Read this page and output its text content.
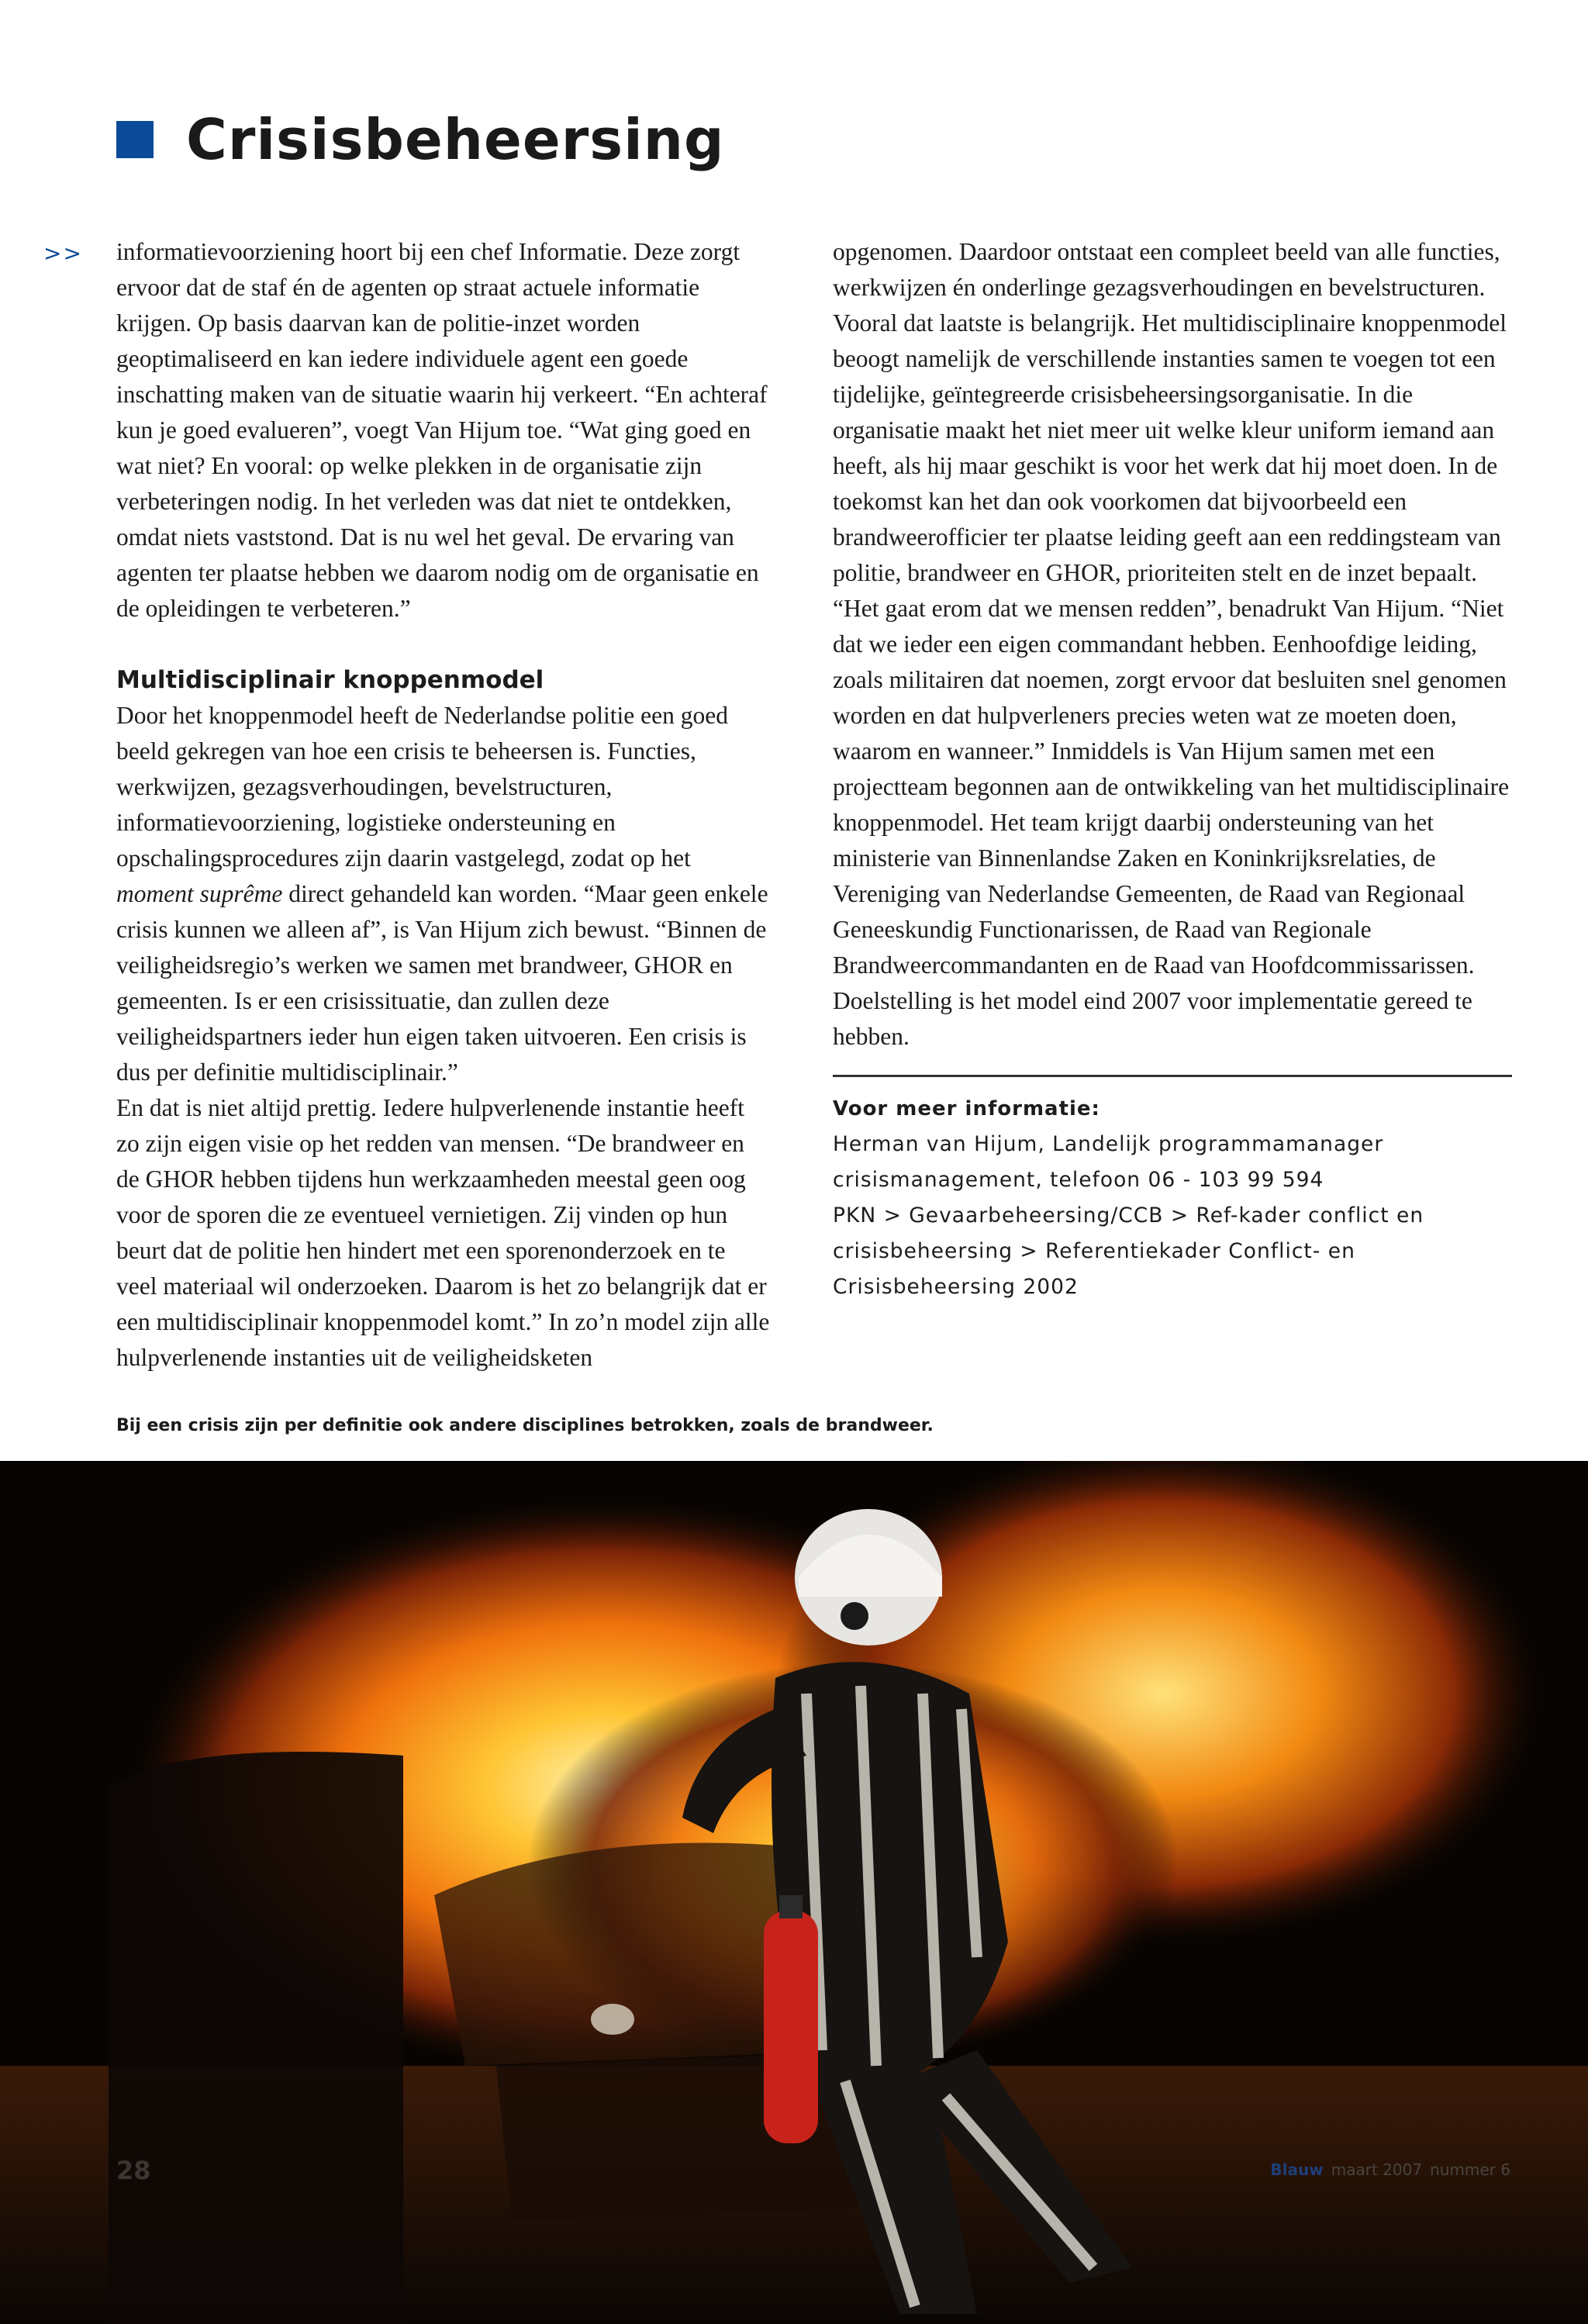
Crisisbeheersing
>> informatievoorziening hoort bij een chef Informatie. Deze zorgt ervoor dat de staf én de agenten op straat actuele informatie krijgen. Op basis daarvan kan de politie-inzet worden geoptimaliseerd en kan iedere individuele agent een goede inschatting maken van de situatie waarin hij verkeert. “En achteraf kun je goed evalueren”, voegt Van Hijum toe. “Wat ging goed en wat niet? En vooral: op welke plekken in de organisatie zijn verbeteringen nodig. In het verleden was dat niet te ontdekken, omdat niets vaststond. Dat is nu wel het geval. De ervaring van agenten ter plaatse hebben we daarom nodig om de organisatie en de opleidingen te verbeteren.”

Multidisciplinair knoppenmodel

Door het knoppenmodel heeft de Nederlandse politie een goed beeld gekregen van hoe een crisis te beheersen is. Functies, werkwijzen, gezagsverhoudingen, bevelstructuren, informatievoorziening, logistieke ondersteuning en opschalingsprocedures zijn daarin vastgelegd, zodat op het moment suprême direct gehandeld kan worden. “Maar geen enkele crisis kunnen we alleen af”, is Van Hijum zich bewust. “Binnen de veiligheidsregio’s werken we samen met brandweer, GHOR en gemeenten. Is er een crisissituatie, dan zullen deze veiligheidspartners ieder hun eigen taken uitvoeren. Een crisis is dus per definitie multidisciplinair.”

En dat is niet altijd prettig. Iedere hulpverlenende instantie heeft zo zijn eigen visie op het redden van mensen. “De brandweer en de GHOR hebben tijdens hun werkzaamheden meestal geen oog voor de sporen die ze eventueel vernietigen. Zij vinden op hun beurt dat de politie hen hindert met een sporenonderzoek en te veel materiaal wil onderzoeken. Daarom is het zo belangrijk dat er een multidisciplinair knoppenmodel komt.” In zo’n model zijn alle hulpverlenende instanties uit de veiligheidsketen

opgenomen. Daardoor ontstaat een compleet beeld van alle functies, werkwijzen én onderlinge gezagsverhoudingen en bevelstructuren.

Vooral dat laatste is belangrijk. Het multidisciplinaire knoppenmodel beoogt namelijk de verschillende instanties samen te voegen tot een tijdelijke, geïntegreerde crisisbeheersingsorganisatie. In die organisatie maakt het niet meer uit welke kleur uniform iemand aan heeft, als hij maar geschikt is voor het werk dat hij moet doen. In de toekomst kan het dan ook voorkomen dat bijvoorbeeld een brandweerofficier ter plaatse leiding geeft aan een reddingsteam van politie, brandweer en GHOR, prioriteiten stelt en de inzet bepaalt. “Het gaat erom dat we mensen redden”, benadrukt Van Hijum. “Niet dat we ieder een eigen commandant hebben. Eenhoofdige leiding, zoals militairen dat noemen, zorgt ervoor dat besluiten snel genomen worden en dat hulpverleners precies weten wat ze moeten doen, waarom en wanneer.” Inmiddels is Van Hijum samen met een projectteam begonnen aan de ontwikkeling van het multidisciplinaire knoppenmodel. Het team krijgt daarbij ondersteuning van het ministerie van Binnenlandse Zaken en Koninkrijksrelaties, de Vereniging van Nederlandse Gemeenten, de Raad van Regionaal Geneeskundig Functionarissen, de Raad van Regionale Brandweercommandanten en de Raad van Hoofdcommissarissen. Doelstelling is het model eind 2007 voor implementatie gereed te hebben.

Voor meer informatie:
Herman van Hijum, Landelijk programmamanager
crisismanagement, telefoon 06 - 103 99 594
PKN > Gevaarbeheersing/CCB > Ref-kader conflict en
crisisbeheersing > Referentiekader Conflict- en
Crisisbeheersing 2002
Bij een crisis zijn per definitie ook andere disciplines betrokken, zoals de brandweer.
28	Blauw maart 2007 nummer 6
